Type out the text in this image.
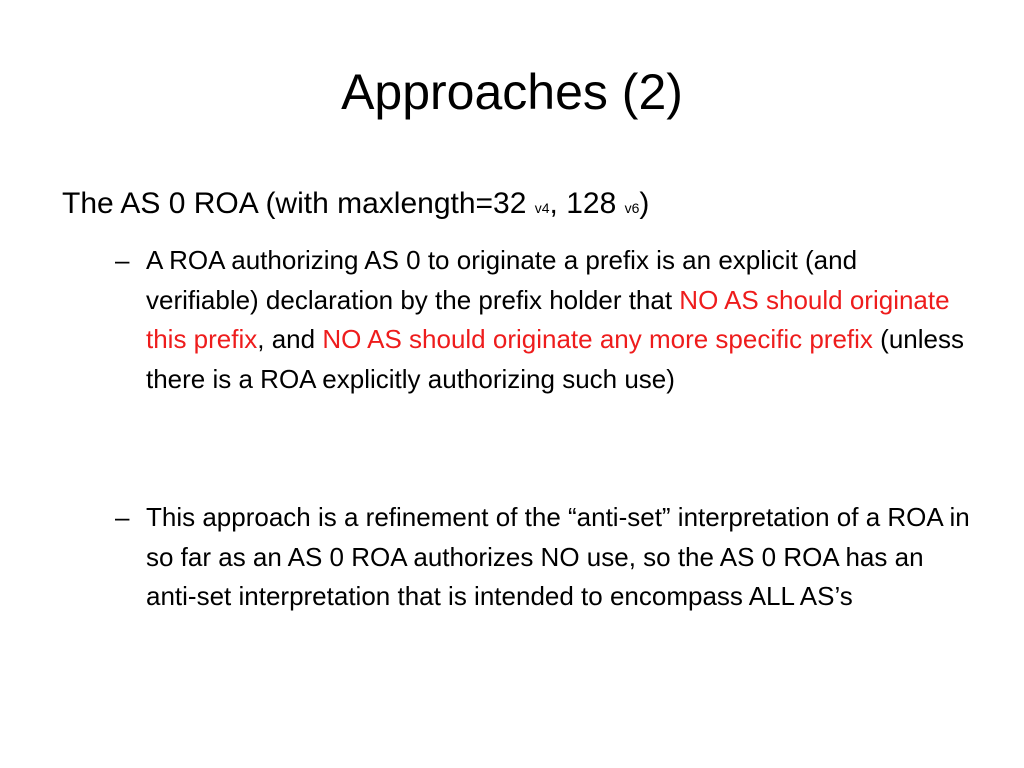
Approaches (2)
The AS 0 ROA (with maxlength=32 v4, 128 v6)
– A ROA authorizing AS 0 to originate a prefix is an explicit (and verifiable) declaration by the prefix holder that NO AS should originate this prefix, and NO AS should originate any more specific prefix (unless there is a ROA explicitly authorizing such use)
– This approach is a refinement of the “anti-set” interpretation of a ROA in so far as an AS 0 ROA authorizes NO use, so the AS 0 ROA has an anti-set interpretation that is intended to encompass ALL AS’s
